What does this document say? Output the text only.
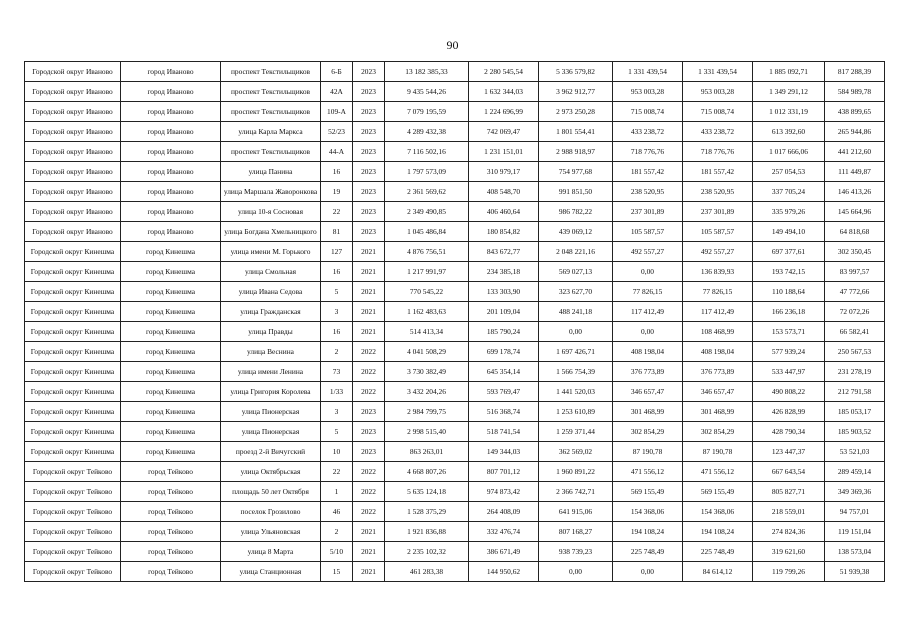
90
Городской округ Иваново	город Иваново	проспект Текстильщиков	6-Б	2023	13 182 385,33	2 280 545,54	5 336 579,82	1 331 439,54	1 331 439,54	1 885 092,71	817 288,39
Городской округ Иваново	город Иваново	проспект Текстильщиков	42А	2023	9 435 544,26	1 632 344,03	3 962 912,77	953 003,28	953 003,28	1 349 291,12	584 989,78
Городской округ Иваново	город Иваново	проспект Текстильщиков	109-А	2023	7 079 195,59	1 224 696,99	2 973 250,28	715 008,74	715 008,74	1 012 331,19	438 899,65
Городской округ Иваново	город Иваново	улица Карла Маркса	52/23	2023	4 289 432,38	742 069,47	1 801 554,41	433 238,72	433 238,72	613 392,60	265 944,86
Городской округ Иваново	город Иваново	проспект Текстильщиков	44-А	2023	7 116 502,16	1 231 151,01	2 988 918,97	718 776,76	718 776,76	1 017 666,06	441 212,60
Городской округ Иваново	город Иваново	улица Панина	16	2023	1 797 573,09	310 979,17	754 977,68	181 557,42	181 557,42	257 054,53	111 449,87
Городской округ Иваново	город Иваново	улица Маршала Жаворонкова	19	2023	2 361 569,62	408 548,70	991 851,50	238 520,95	238 520,95	337 705,24	146 413,26
Городской округ Иваново	город Иваново	улица 10-я Сосновая	22	2023	2 349 490,85	406 460,64	986 782,22	237 301,89	237 301,89	335 979,26	145 664,96
Городской округ Иваново	город Иваново	улица Богдана Хмельницкого	81	2023	1 045 486,84	180 854,82	439 069,12	105 587,57	105 587,57	149 494,10	64 818,68
Городской округ Кинешма	город Кинешма	улица имени М. Горького	127	2021	4 876 756,51	843 672,77	2 048 221,16	492 557,27	492 557,27	697 377,61	302 350,45
Городской округ Кинешма	город Кинешма	улица Смольная	16	2021	1 217 991,97	234 385,18	569 027,13	0,00	136 839,93	193 742,15	83 997,57
Городской округ Кинешма	город Кинешма	улица Ивана Седова	5	2021	770 545,22	133 303,90	323 627,70	77 826,15	77 826,15	110 188,64	47 772,66
Городской округ Кинешма	город Кинешма	улица Гражданская	3	2021	1 162 483,63	201 109,04	488 241,18	117 412,49	117 412,49	166 236,18	72 072,26
Городской округ Кинешма	город Кинешма	улица Правды	16	2021	514 413,34	185 790,24	0,00	0,00	108 468,99	153 573,71	66 582,41
Городской округ Кинешма	город Кинешма	улица Веснина	2	2022	4 041 508,29	699 178,74	1 697 426,71	408 198,04	408 198,04	577 939,24	250 567,53
Городской округ Кинешма	город Кинешма	улица имени Ленина	73	2022	3 730 382,49	645 354,14	1 566 754,39	376 773,89	376 773,89	533 447,97	231 278,19
Городской округ Кинешма	город Кинешма	улица Григория Королева	1/33	2022	3 432 204,26	593 769,47	1 441 520,03	346 657,47	346 657,47	490 808,22	212 791,58
Городской округ Кинешма	город Кинешма	улица Пионерская	3	2023	2 984 799,75	516 368,74	1 253 610,89	301 468,99	301 468,99	426 828,99	185 053,17
Городской округ Кинешма	город Кинешма	улица Пионерская	5	2023	2 998 515,40	518 741,54	1 259 371,44	302 854,29	302 854,29	428 790,34	185 903,52
Городской округ Кинешма	город Кинешма	проезд 2-й Вичугский	10	2023	863 263,01	149 344,03	362 569,02	87 190,78	87 190,78	123 447,37	53 521,03
Городской округ Тейково	город Тейково	улица Октябрьская	22	2022	4 668 807,26	807 701,12	1 960 891,22	471 556,12	471 556,12	667 643,54	289 459,14
Городской округ Тейково	город Тейково	площадь 50 лет Октября	1	2022	5 635 124,18	974 873,42	2 366 742,71	569 155,49	569 155,49	805 827,71	349 369,36
Городской округ Тейково	город Тейково	поселок Грозилово	46	2022	1 528 375,29	264 408,09	641 915,06	154 368,06	154 368,06	218 559,01	94 757,01
Городской округ Тейково	город Тейково	улица Ульяновская	2	2021	1 921 836,88	332 476,74	807 168,27	194 108,24	194 108,24	274 824,36	119 151,04
Городской округ Тейково	город Тейково	улица 8 Марта	5/10	2021	2 235 102,32	386 671,49	938 739,23	225 748,49	225 748,49	319 621,60	138 573,04
Городской округ Тейково	город Тейково	улица Станционная	15	2021	461 283,38	144 950,62	0,00	0,00	84 614,12	119 799,26	51 939,38
